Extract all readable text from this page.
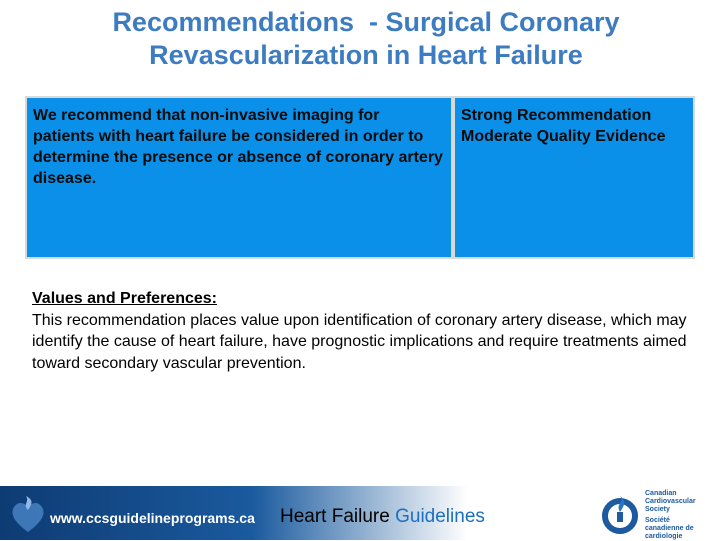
Recommendations  - Surgical Coronary
Revascularization in Heart Failure
We recommend that non-invasive imaging for patients with heart failure be considered in order to determine the presence or absence of coronary artery disease.
Strong Recommendation
Moderate Quality Evidence
Values and Preferences:
This recommendation places value upon identification of coronary artery disease, which may identify the cause of heart failure, have prognostic implications and require treatments aimed toward secondary vascular prevention.
www.ccsguidelineprograms.ca Heart Failure Guidelines
Canadian
Cardiovascular
Society
Société
canadienne de
cardiologie
